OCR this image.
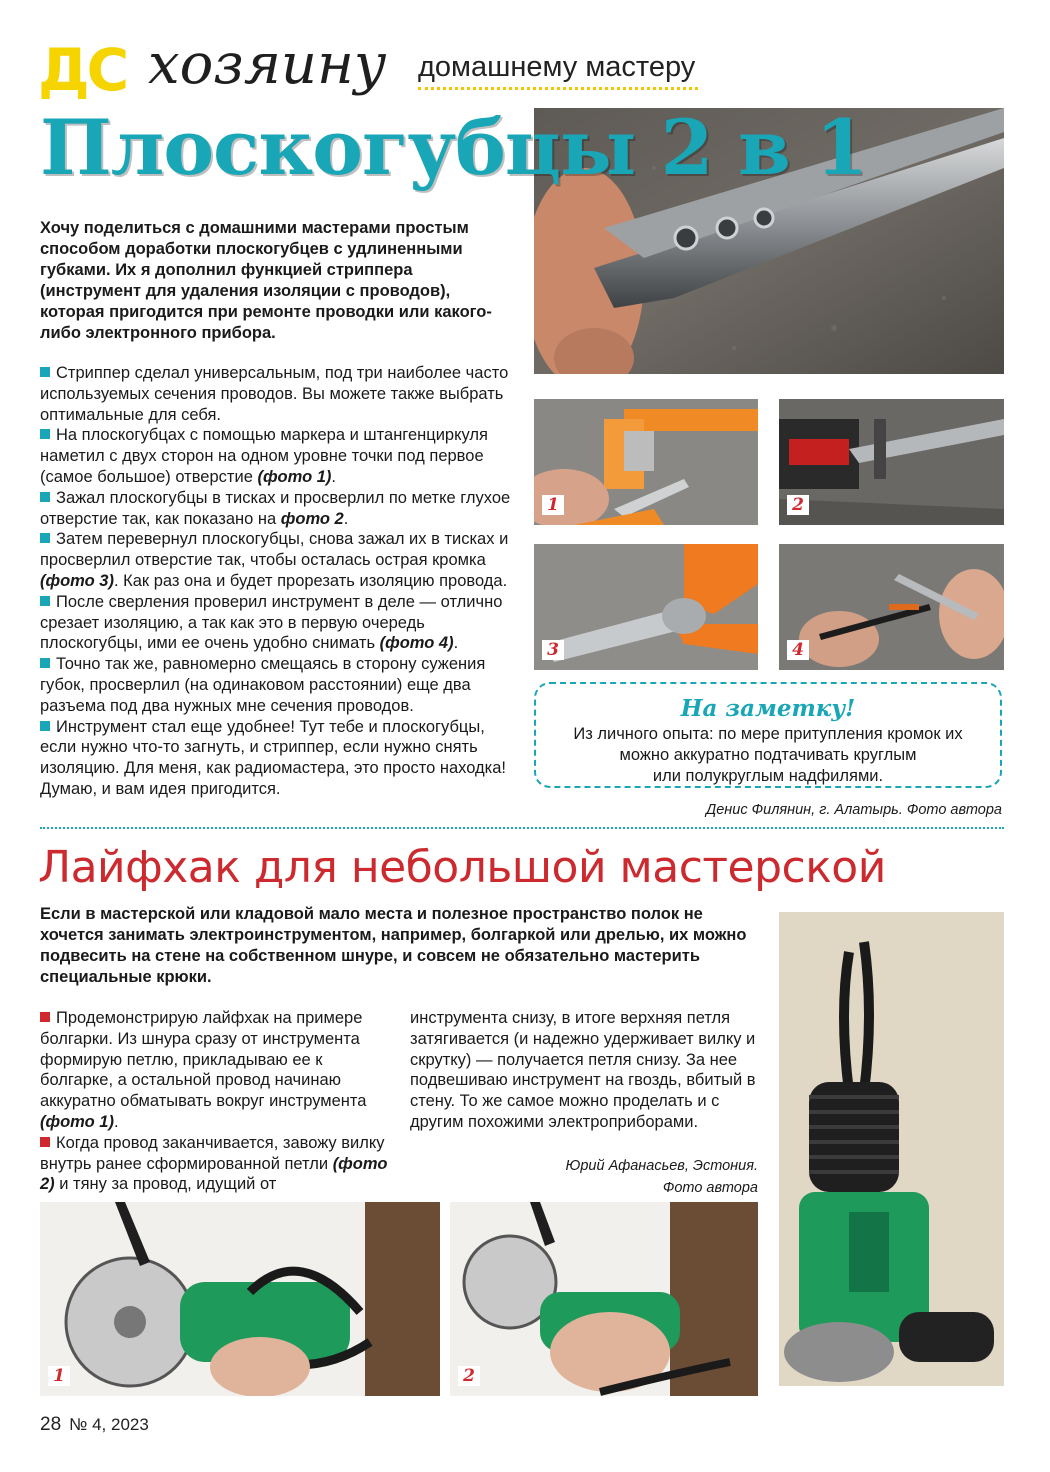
ДС хозяину домашнему мастеру
Плоскогубцы 2 в 1
Хочу поделиться с домашними мастерами простым способом доработки плоскогубцев с удлиненными губками. Их я дополнил функцией стриппера (инструмент для удаления изоляции с проводов), которая пригодится при ремонте проводки или какого-либо электронного прибора.

Стриппер сделал универсальным, под три наиболее часто используемых сечения проводов. Вы можете также выбрать оптимальные для себя.

На плоскогубцах с помощью маркера и штангенциркуля наметил с двух сторон на одном уровне точки под первое (самое большое) отверстие (фото 1).

Зажал плоскогубцы в тисках и просверлил по метке глухое отверстие так, как показано на фото 2.

Затем перевернул плоскогубцы, снова зажал их в тисках и просверлил отверстие так, чтобы осталась острая кромка (фото 3). Как раз она и будет прорезать изоляцию провода.

После сверления проверил инструмент в деле — отлично срезает изоляцию, а так как это в первую очередь плоскогубцы, ими ее очень удобно снимать (фото 4).

Точно так же, равномерно смещаясь в сторону сужения губок, просверлил (на одинаковом расстоянии) еще два разъема под два нужных мне сечения проводов.

Инструмент стал еще удобнее! Тут тебе и плоскогубцы, если нужно что-то загнуть, и стриппер, если нужно снять изоляцию. Для меня, как радиомастера, это просто находка! Думаю, и вам идея пригодится.

1	2
3	4
На заметку!
Из личного опыта: по мере притупления кромок их
можно аккуратно подтачивать круглым
или полукруглым надфилями.
Денис Филянин, г. Алатырь. Фото автора
Лайфхак для небольшой мастерской
Если в мастерской или кладовой мало места и полезное пространство полок не хочется занимать электроинструментом, например, болгаркой или дрелью, их можно подвесить на стене на собственном шнуре, и совсем не обязательно мастерить специальные крюки.

Продемонстрирую лайфхак на примере болгарки. Из шнура сразу от инструмента формирую петлю, прикладываю ее к болгарке, а остальной провод начинаю аккуратно обматывать вокруг инструмента (фото 1).

Когда провод заканчивается, завожу вилку внутрь ранее сформированной петли (фото 2) и тяну за провод, идущий от

инструмента снизу, в итоге верхняя петля затягивается (и надежно удерживает вилку и скрутку) — получается петля снизу. За нее подвешиваю инструмент на гвоздь, вбитый в стену. То же самое можно проделать и с другим похожими электроприборами.

Юрий Афанасьев, Эстония.
Фото автора
1	2
28 № 4, 2023
